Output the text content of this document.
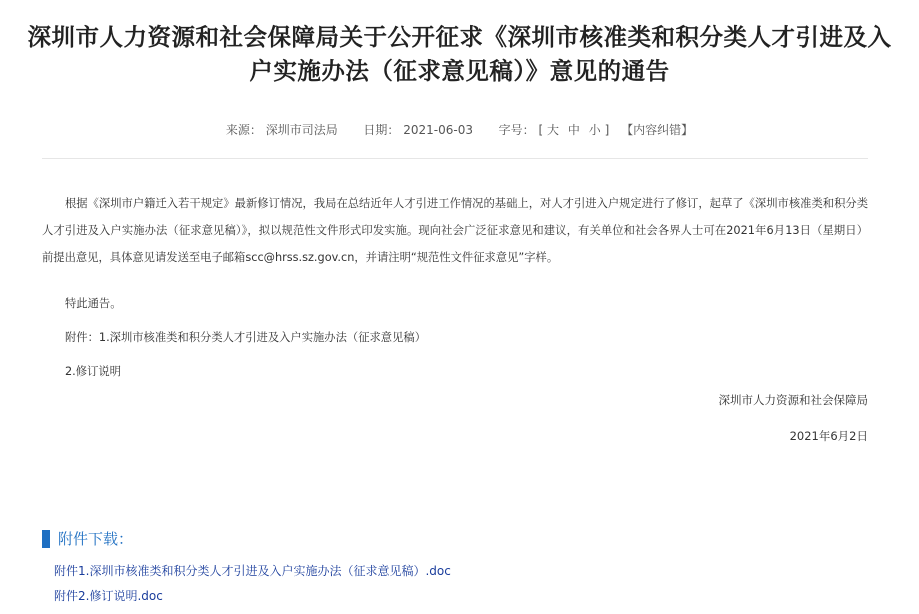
深圳市人力资源和社会保障局关于公开征求《深圳市核准类和积分类人才引进及入户实施办法（征求意见稿）》意见的通告
来源： 深圳市司法局 日期： 2021-06-03 字号： [ 大 中 小 ] 【内容纠错】

根据《深圳市户籍迁入若干规定》最新修订情况，我局在总结近年人才引进工作情况的基础上，对人才引进入户规定进行了修订，起草了《深圳市核准类和积分类人才引进及入户实施办法（征求意见稿）》，拟以规范性文件形式印发实施。现向社会广泛征求意见和建议，有关单位和社会各界人士可在2021年6月13日（星期日）前提出意见，具体意见请发送至电子邮箱scc@hrss.sz.gov.cn，并请注明“规范性文件征求意见”字样。

特此通告。

附件：1.深圳市核准类和积分类人才引进及入户实施办法（征求意见稿）

2.修订说明

深圳市人力资源和社会保障局
2021年6月2日
附件下载：
附件1.深圳市核准类和积分类人才引进及入户实施办法（征求意见稿）.doc
附件2.修订说明.doc
